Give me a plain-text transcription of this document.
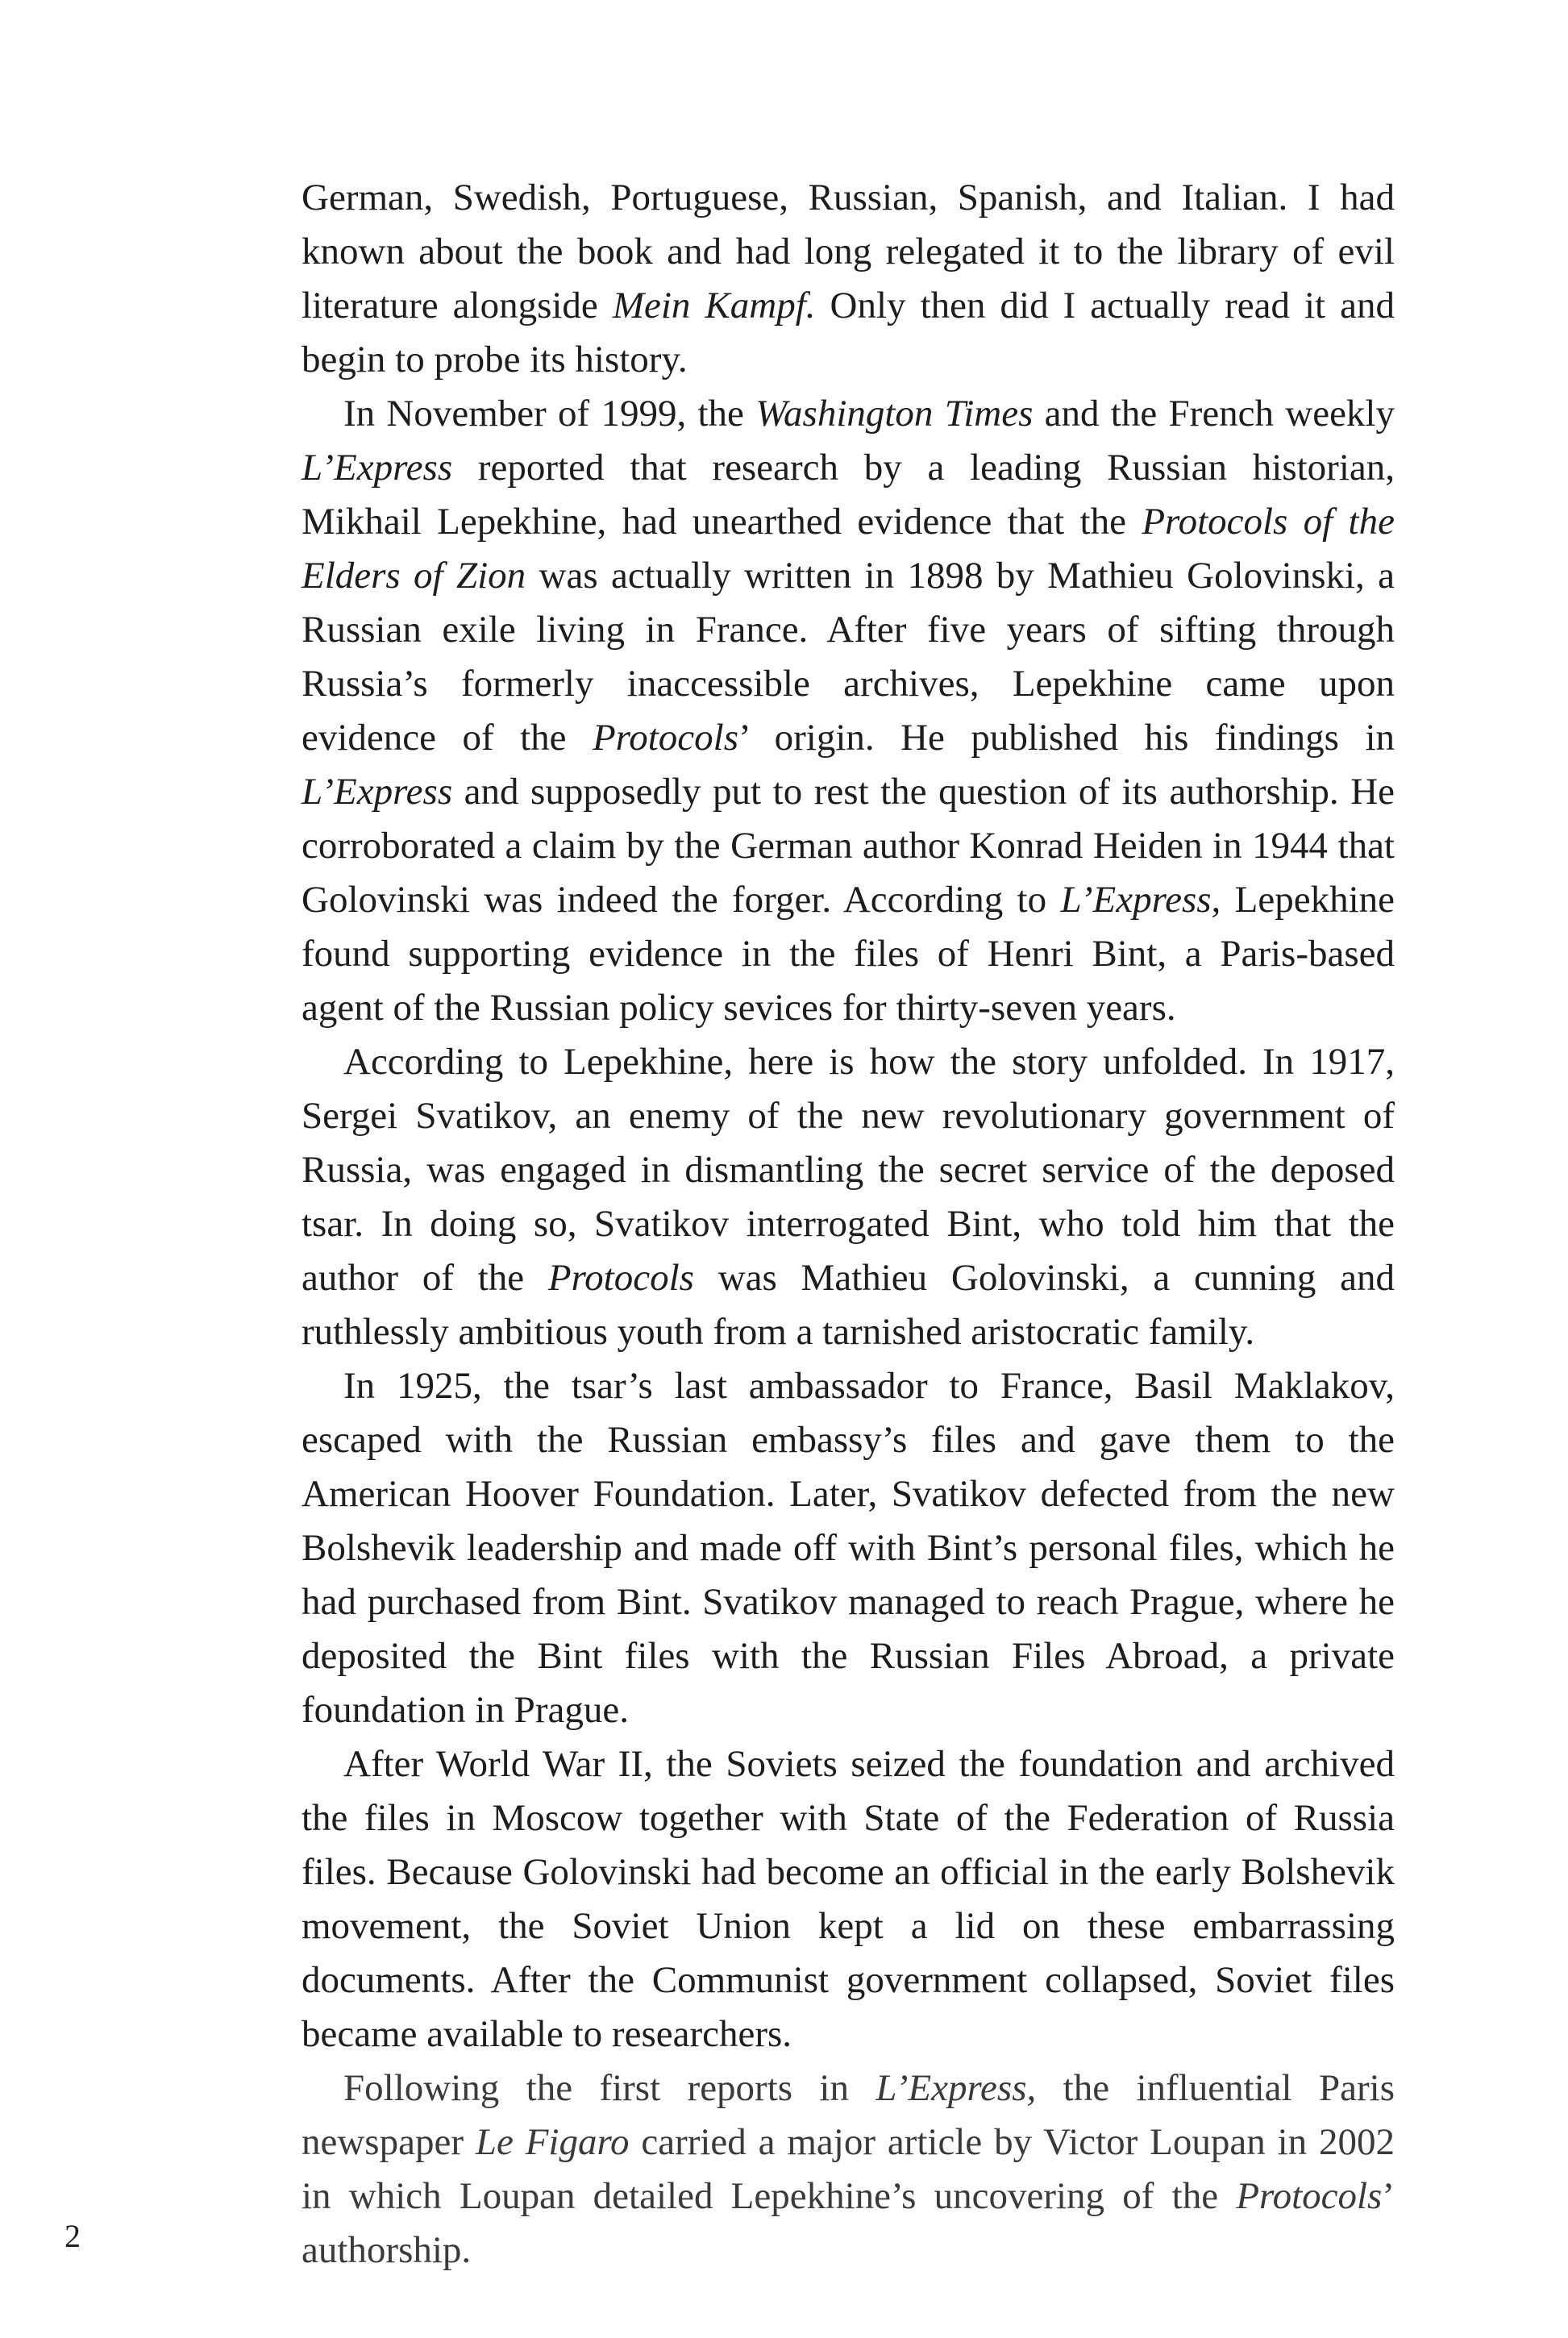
German, Swedish, Portuguese, Russian, Spanish, and Italian. I had known about the book and had long relegated it to the library of evil literature alongside Mein Kampf. Only then did I actually read it and begin to probe its history.

In November of 1999, the Washington Times and the French weekly L’Express reported that research by a leading Russian historian, Mikhail Lepekhine, had unearthed evidence that the Protocols of the Elders of Zion was actually written in 1898 by Mathieu Golovinski, a Russian exile living in France. After five years of sifting through Russia’s formerly inaccessible archives, Lepekhine came upon evidence of the Protocols’ origin. He published his findings in L’Express and supposedly put to rest the question of its authorship. He corroborated a claim by the German author Konrad Heiden in 1944 that Golovinski was indeed the forger. According to L’Express, Lepekhine found supporting evidence in the files of Henri Bint, a Paris-based agent of the Russian policy sevices for thirty-seven years.

According to Lepekhine, here is how the story unfolded. In 1917, Sergei Svatikov, an enemy of the new revolutionary government of Russia, was engaged in dismantling the secret service of the deposed tsar. In doing so, Svatikov interrogated Bint, who told him that the author of the Protocols was Mathieu Golovinski, a cunning and ruthlessly ambitious youth from a tarnished aristocratic family.

In 1925, the tsar’s last ambassador to France, Basil Maklakov, escaped with the Russian embassy’s files and gave them to the American Hoover Foundation. Later, Svatikov defected from the new Bolshevik leadership and made off with Bint’s personal files, which he had purchased from Bint. Svatikov managed to reach Prague, where he deposited the Bint files with the Russian Files Abroad, a private foundation in Prague.

After World War II, the Soviets seized the foundation and archived the files in Moscow together with State of the Federation of Russia files. Because Golovinski had become an official in the early Bolshevik movement, the Soviet Union kept a lid on these embarrassing documents. After the Communist government collapsed, Soviet files became available to researchers.

Following the first reports in L’Express, the influential Paris newspaper Le Figaro carried a major article by Victor Loupan in 2002 in which Loupan detailed Lepekhine’s uncovering of the Protocols’ authorship.

2
